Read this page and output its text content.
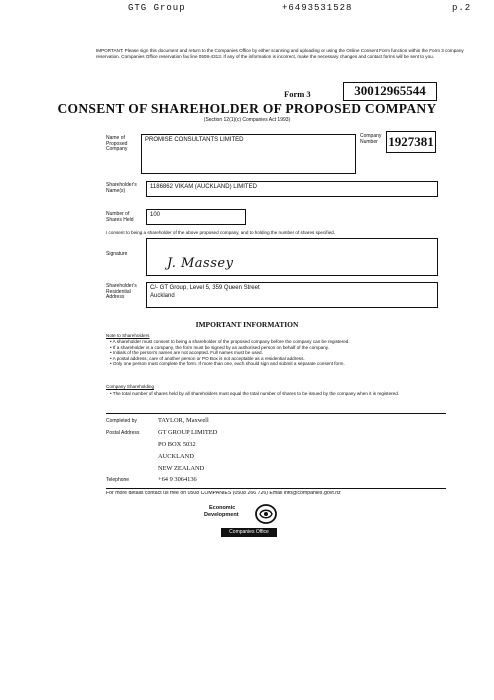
GTG Group	+6493531528	p.2
IMPORTANT: Please sign this document and return to the Companies Office by either scanning and uploading or using the Online Consent Form function within the Form 3 company reservation. Companies Office reservation fax line 0508-4313. If any of the information is incorrect, make the necessary changes and contact forms will be sent to you.
Form 3	30012965544
CONSENT OF SHAREHOLDER OF PROPOSED COMPANY
(Section 12(1)(c) Companies Act 1993)
Name of Proposed Company
PROMISE CONSULTANTS LIMITED
Company Number 1927381
Shareholder's Name(s)
1186862 VIKAM (AUCKLAND) LIMITED
Number of Shares Held
100
I consent to being a shareholder of the above proposed company, and to holding the number of shares specified.
Signature
J. Massey
Shareholder's Residential Address
C/- GT Group, Level 5, 359 Queen Street
Auckland
IMPORTANT INFORMATION
Note to Shareholders
• A shareholder must consent to being a shareholder of the proposed company before the company can be registered.
• If a shareholder is a company, the form must be signed by an authorised person on behalf of the company.
• Initials of the person's names are not accepted. Full names must be used.
• A postal address, care of another person or PO Box is not acceptable as a residential address.
• Only one person must complete the form. If more than one, each should sign and submit a separate consent form.
Company Shareholding
• The total number of shares held by all shareholders must equal the total number of shares to be issued by the company when it is registered.
Completed by	TAYLOR, Maxwell
Postal Address	GT GROUP LIMITED
PO BOX 5032
AUCKLAND
NEW ZEALAND
Telephone	+64 9 3064136
For more details contact us free on 0508 COMPANIES (0508 266 726) Email info@companies.govt.nz
Economic
Development
Companies Office
